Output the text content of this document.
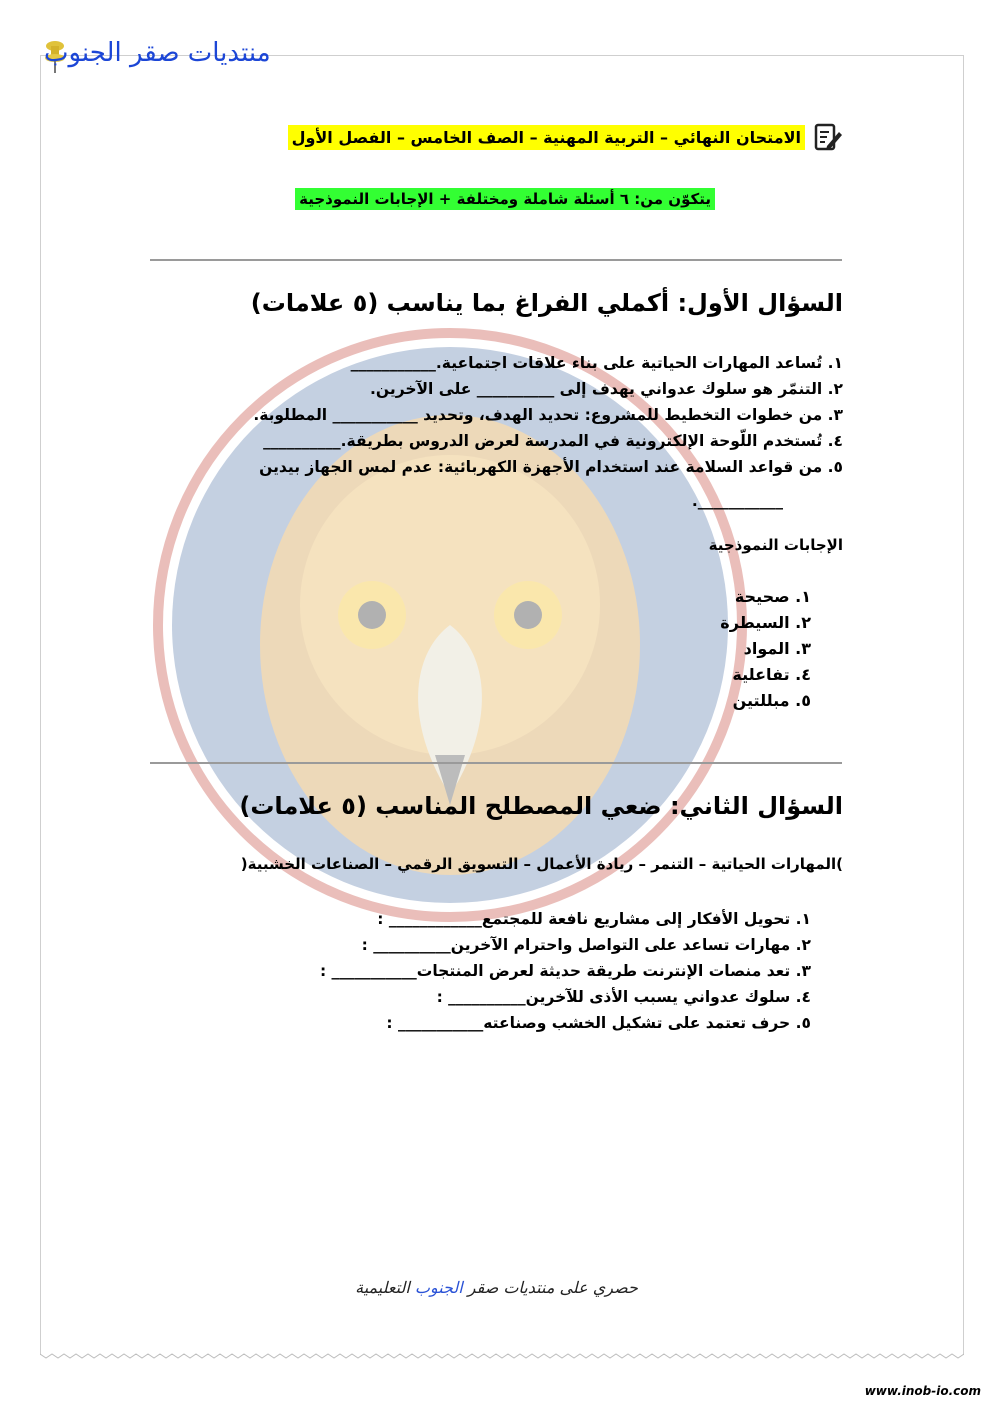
منتديات صقر الجنوب
الامتحان النهائي – التربية المهنية – الصف الخامس – الفصل الأول
يتكوّن من: ٦ أسئلة شاملة ومختلفة + الإجابات النموذجية
السؤال الأول: أكملي الفراغ بما يناسب (٥ علامات)
١. تُساعد المهارات الحياتية على بناء علاقات اجتماعية.___________
٢. التنمّر هو سلوك عدواني يهدف إلى __________ على الآخرين.
٣. من خطوات التخطيط للمشروع: تحديد الهدف، وتحديد ___________ المطلوبة.
٤. تُستخدم اللّوحة الإلكترونية في المدرسة لعرض الدروس بطريقة.__________
٥. من قواعد السلامة عند استخدام الأجهزة الكهربائية: عدم لمس الجهاز بيدين
___________.
الإجابات النموذجية
١. صحيحة
٢. السيطرة
٣. المواد
٤. تفاعلية
٥. مبللتين
السؤال الثاني: ضعي المصطلح المناسب (٥ علامات)
)المهارات الحياتية – التنمر – ريادة الأعمال – التسويق الرقمي – الصناعات الخشبية(
١. تحويل الأفكار إلى مشاريع نافعة للمجتمع____________ :
٢. مهارات تساعد على التواصل واحترام الآخرين__________ :
٣. تعد منصات الإنترنت طريقة حديثة لعرض المنتجات___________ :
٤. سلوك عدواني يسبب الأذى للآخرين__________ :
٥. حرف تعتمد على تشكيل الخشب وصناعته___________ :
حصري على منتديات صقر الجنوب التعليمية
www.inob-io.com
